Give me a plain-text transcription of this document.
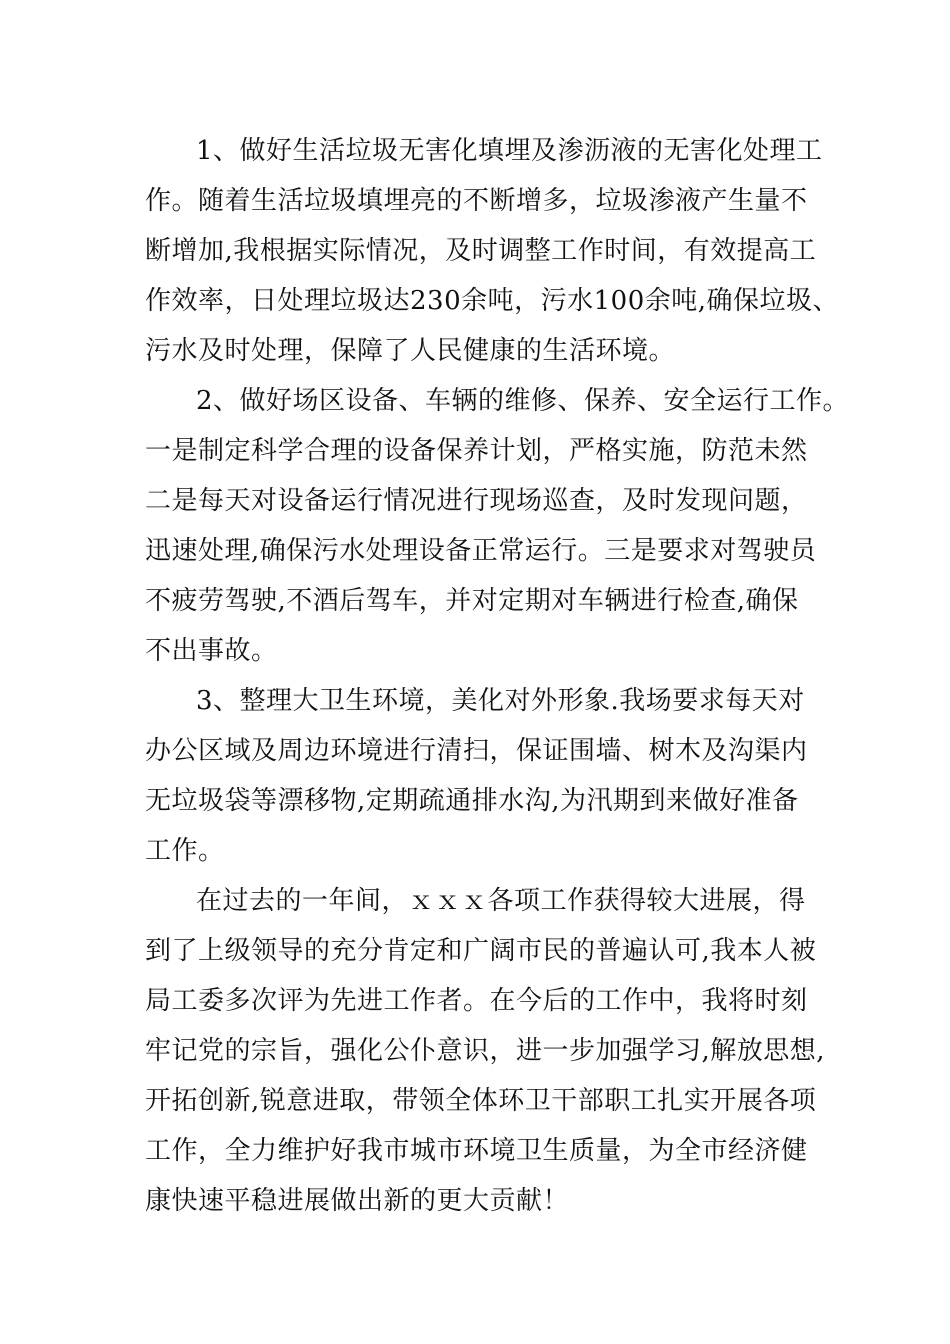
1、做好生活垃圾无害化填埋及渗沥液的无害化处理工
作。随着生活垃圾填埋亮的不断增多，垃圾渗液产生量不
断增加,我根据实际情况，及时调整工作时间，有效提高工
作效率，日处理垃圾达230余吨，污水100余吨,确保垃圾、
污水及时处理，保障了人民健康的生活环境。
2、做好场区设备、车辆的维修、保养、安全运行工作。
一是制定科学合理的设备保养计划，严格实施，防范未然
二是每天对设备运行情况进行现场巡查，及时发现问题，
迅速处理,确保污水处理设备正常运行。三是要求对驾驶员
不疲劳驾驶,不酒后驾车，并对定期对车辆进行检查,确保
不出事故。
3、整理大卫生环境，美化对外形象.我场要求每天对
办公区域及周边环境进行清扫，保证围墙、树木及沟渠内
无垃圾袋等漂移物,定期疏通排水沟,为汛期到来做好准备
工作。
在过去的一年间，ｘｘｘ各项工作获得较大进展，得
到了上级领导的充分肯定和广阔市民的普遍认可,我本人被
局工委多次评为先进工作者。在今后的工作中，我将时刻
牢记党的宗旨，强化公仆意识，进一步加强学习,解放思想,
开拓创新,锐意进取，带领全体环卫干部职工扎实开展各项
工作，全力维护好我市城市环境卫生质量，为全市经济健
康快速平稳进展做出新的更大贡献！
